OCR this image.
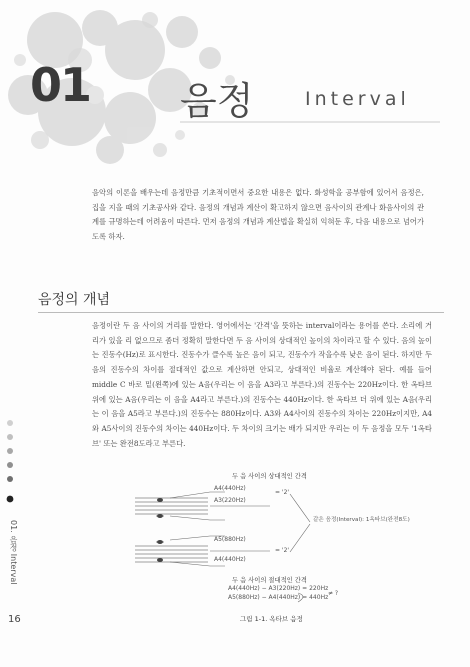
01 음정	Interval
음악의 이론을 배우는데 음정만큼 기초적이면서 중요한 내용은 없다. 화성학을 공부함에 있어서 음정은, 집을 지을 때의 기초공사와 같다. 음정의 개념과 계산이 확고하지 않으면 음사이의 관계나 화음사이의 관계를 규명하는데 어려움이 따른다. 먼저 음정의 개념과 계산법을 확실히 익혀둔 후, 다음 내용으로 넘어가도록 하자.
음정의 개념
음정이란 두 음 사이의 거리를 말한다. 영어에서는 '간격'을 뜻하는 interval이라는 용어를 쓴다. 소리에 거리가 있을 리 없으므로 좀더 정확히 말한다면 두 음 사이의 상대적인 높이의 차이라고 할 수 있다. 음의 높이는 진동수(Hz)로 표시한다. 진동수가 클수록 높은 음이 되고, 진동수가 작을수록 낮은 음이 된다. 하지만 두 음의 진동수의 차이를 절대적인 값으로 계산하면 안되고, 상대적인 비율로 계산해야 된다. 예를 들어 middle C 바로 밑(왼쪽)에 있는 A음(우리는 이 음을 A3라고 부른다.)의 진동수는 220Hz이다. 한 옥타브 위에 있는 A음(우리는 이 음을 A4라고 부른다.)의 진동수는 440Hz이다. 한 옥타브 더 위에 있는 A음(우리는 이 음을 A5라고 부른다.)의 진동수는 880Hz이다. A3와 A4사이의 진동수의 차이는 220Hz이지만, A4와 A5사이의 진동수의 차이는 440Hz이다. 두 차이의 크기는 배가 되지만 우리는 이 두 음정을 모두 '1옥타브' 또는 완전8도라고 부른다.
두 음 사이의 상대적인 간격
A4(440Hz)
A3(220Hz)
= '2'
A5(880Hz)
A4(440Hz)
= '2'
같은 음정(Interval): 1옥타브(완전8도)
두 음 사이의 절대적인 간격
A4(440Hz) − A3(220Hz) = 220Hz
A5(880Hz) − A4(440Hz) = 440Hz
≠ ?
그림 1-1. 옥타브 음정
01. 음정 Interval
16
